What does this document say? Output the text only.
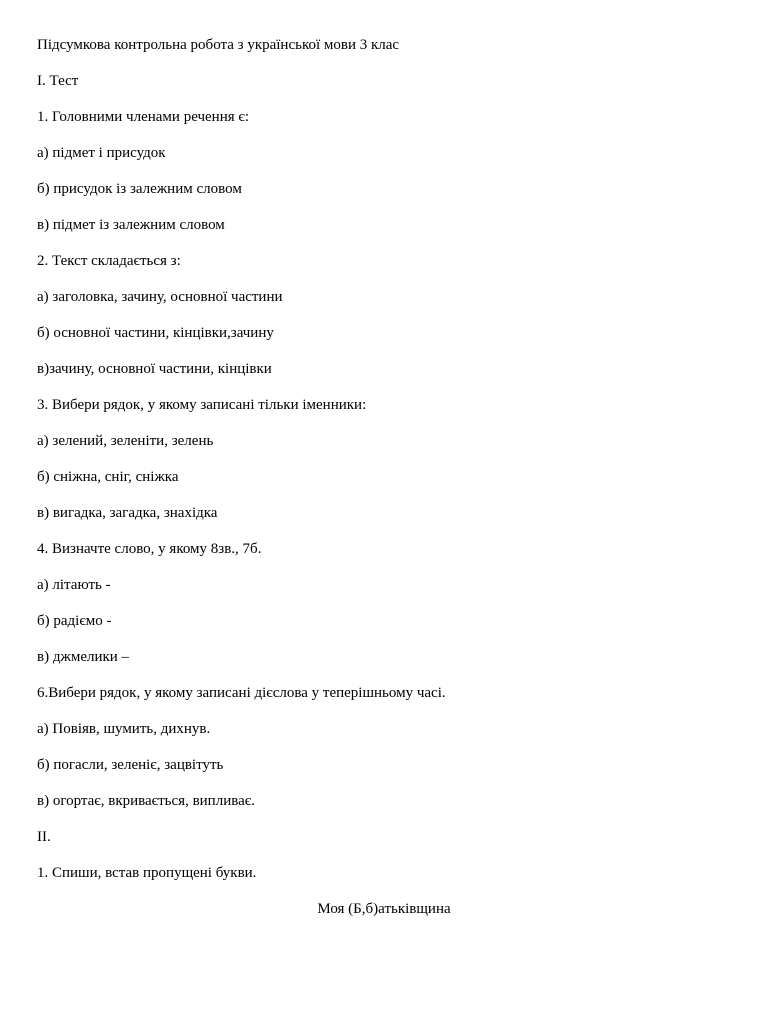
Підсумкова контрольна робота з української мови 3 клас
І. Тест
1. Головними членами речення є:
а) підмет і присудок
б) присудок із залежним словом
в) підмет із залежним словом
2. Текст складається з:
а) заголовка, зачину, основної частини
б) основної частини, кінцівки,зачину
в)зачину, основної частини, кінцівки
3. Вибери рядок, у якому записані тільки іменники:
а) зелений, зеленіти, зелень
б) сніжна, сніг, сніжка
в) вигадка, загадка, знахідка
4. Визначте слово, у якому 8зв., 7б.
а) літають -
б) радіємо -
в) джмелики –
6.Вибери рядок, у якому записані дієслова у теперішньому часі.
а) Повіяв, шумить, дихнув.
б) погасли, зеленіє, зацвітуть
в) огортає, вкривається, випливає.
ІІ.
1. Спиши, встав пропущені букви.
Моя (Б,б)атьківщина
